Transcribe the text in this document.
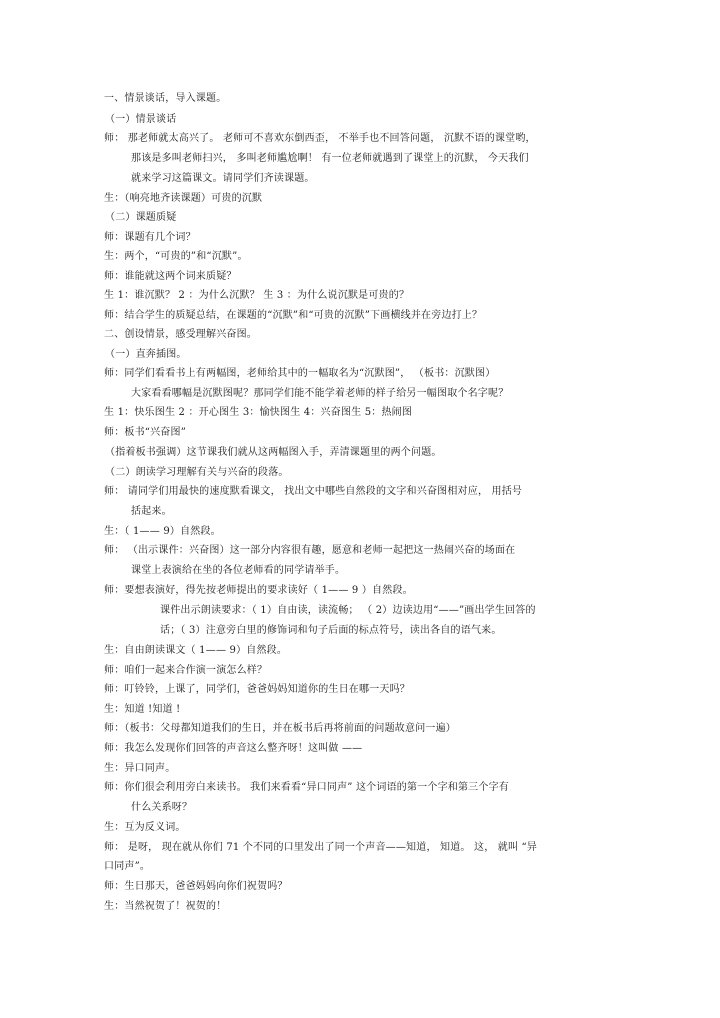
一、情景谈话，导入课题。
（一）情景谈话
师： 那老师就太高兴了。 老师可不喜欢东倒西歪， 不举手也不回答问题， 沉默不语的课堂哟，
那该是多叫老师扫兴， 多叫老师尴尬啊！ 有一位老师就遇到了课堂上的沉默， 今天我们
就来学习这篇课文。请同学们齐读课题。
生：（响亮地齐读课题）可贵的沉默
（二）课题质疑
师：课题有几个词？
生：两个，“可贵的”和“沉默”。
师：谁能就这两个词来质疑？
生 1：谁沉默？ 2 ：为什么沉默？ 生 3 ：为什么说沉默是可贵的？
师：结合学生的质疑总结，在课题的“沉默”和“可贵的沉默”下画横线并在旁边打上？
二、创设情景，感受理解兴奋图。
（一）直奔插图。
师：同学们看看书上有两幅图，老师给其中的一幅取名为“沉默图”， （板书：沉默图）
大家看看哪幅是沉默图呢？那同学们能不能学着老师的样子给另一幅图取个名字呢？
生 1：快乐图生 2 ：开心图生 3：愉快图生 4：兴奋图生 5：热闹图
师：板书“兴奋图”
（指着板书强调）这节课我们就从这两幅图入手，弄清课题里的两个问题。
（二）朗读学习理解有关与兴奋的段落。
师： 请同学们用最快的速度默看课文， 找出文中哪些自然段的文字和兴奋图相对应， 用括号
括起来。
生：（ 1—— 9）自然段。
师： （出示课件：兴奋图）这一部分内容很有趣，愿意和老师一起把这一热闹兴奋的场面在
课堂上表演给在坐的各位老师看的同学请举手。
师：要想表演好，得先按老师提出的要求读好（ 1—— 9 ）自然段。
课件出示朗读要求：（ 1）自由读，读流畅； （ 2）边读边用“——”画出学生回答的
话；（ 3）注意旁白里的修饰词和句子后面的标点符号，读出各自的语气来。
生：自由朗读课文（ 1—— 9）自然段。
师：咱们一起来合作演一演怎么样？
师：叮铃铃，上课了，同学们，爸爸妈妈知道你的生日在哪一天吗？
生：知道 !知道 !
师：（板书：父母都知道我们的生日，并在板书后再将前面的问题故意问一遍）
师：我怎么发现你们回答的声音这么整齐呀！这叫做 ——
生：异口同声。
师：你们很会利用旁白来读书。 我们来看看“异口同声” 这个词语的第一个字和第三个字有
什么关系呀？
生：互为反义词。
师： 是呀， 现在就从你们 71 个不同的口里发出了同一个声音——知道， 知道。 这， 就叫 “异
口同声”。
师：生日那天，爸爸妈妈向你们祝贺吗？
生：当然祝贺了！祝贺的！
